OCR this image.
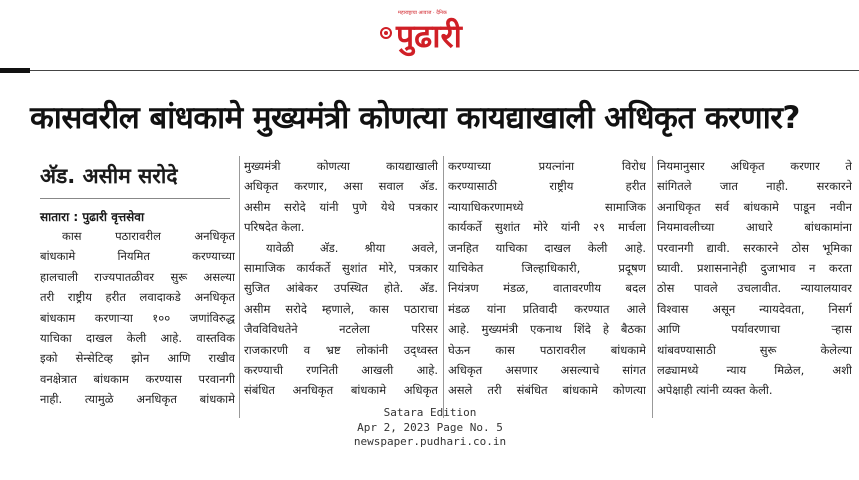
महाराष्ट्राचा आवाज · दैनिक
पुढारी
कासवरील बांधकामे मुख्यमंत्री कोणत्या कायद्याखाली अधिकृत करणार?
अ‍ॅड. असीम सरोदे
सातारा : पुढारी वृत्तसेवा
कास पठारावरील अनधिकृत
बांधकामे नियमित करण्याच्या
हालचाली राज्यपातळीवर सुरू असल्या
तरी राष्ट्रीय हरीत लवादाकडे अनधिकृत
बांधकाम करणाऱ्या १०० जणांविरुद्ध
याचिका दाखल केली आहे. वास्तविक
इको सेन्सेटिव्ह झोन आणि राखीव
वनक्षेत्रात बांधकाम करण्यास परवानगी
नाही. त्यामुळे अनधिकृत बांधकामे
मुख्यमंत्री कोणत्या कायद्याखाली
अधिकृत करणार, असा सवाल अ‍ॅड.
असीम सरोदे यांनी पुणे येथे पत्रकार
परिषदेत केला.
यावेळी अ‍ॅड. श्रीया अवले,
सामाजिक कार्यकर्ते सुशांत मोरे, पत्रकार
सुजित आंबेकर उपस्थित होते. अ‍ॅड.
असीम सरोदे म्हणाले, कास पठाराचा
जैवविविधतेने नटलेला परिसर
राजकारणी व भ्रष्ट लोकांनी उद्ध्वस्त
करण्याची रणनिती आखली आहे.
संबंधित अनधिकृत बांधकामे अधिकृत
करण्याच्या प्रयत्नांना विरोध
करण्यासाठी राष्ट्रीय हरीत
न्यायाधिकरणामध्ये सामाजिक
कार्यकर्ते सुशांत मोरे यांनी २९ मार्चला
जनहित याचिका दाखल केली आहे.
याचिकेत जिल्हाधिकारी, प्रदूषण
नियंत्रण मंडळ, वातावरणीय बदल
मंडळ यांना प्रतिवादी करण्यात आले
आहे. मुख्यमंत्री एकनाथ शिंदे हे बैठका
घेऊन कास पठारावरील बांधकामे
अधिकृत असणार असल्याचे सांगत
असले तरी संबंधित बांधकामे कोणत्या
नियमानुसार अधिकृत करणार ते
सांगितले जात नाही. सरकारने
अनाधिकृत सर्व बांधकामे पाडून नवीन
नियमावलीच्या आधारे बांधकामांना
परवानगी द्यावी. सरकारने ठोस भूमिका
घ्यावी. प्रशासनानेही दुजाभाव न करता
ठोस पावले उचलावीत. न्यायालयावर
विश्वास असून न्यायदेवता, निसर्ग
आणि पर्यावरणाचा ऱ्हास
थांबवण्यासाठी सुरू केलेल्या
लढ्यामध्ये न्याय मिळेल, अशी
अपेक्षाही त्यांनी व्यक्त केली.
Satara Edition
Apr 2, 2023 Page No. 5
newspaper.pudhari.co.in
